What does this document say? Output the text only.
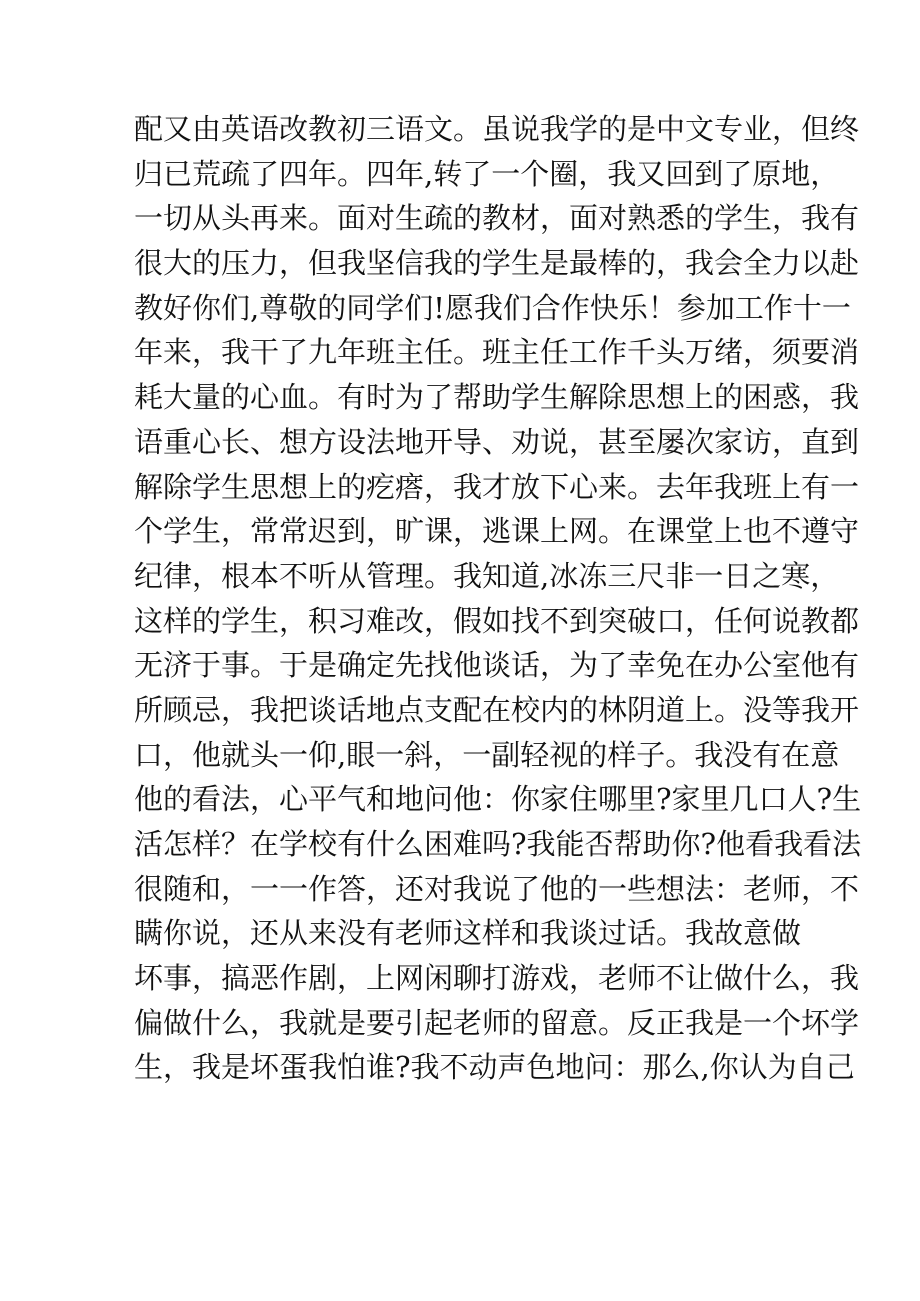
配又由英语改教初三语文。虽说我学的是中文专业，但终
归已荒疏了四年。四年,转了一个圈，我又回到了原地，
一切从头再来。面对生疏的教材，面对熟悉的学生，我有
很大的压力，但我坚信我的学生是最棒的，我会全力以赴
教好你们,尊敬的同学们!愿我们合作快乐！参加工作十一
年来，我干了九年班主任。班主任工作千头万绪，须要消
耗大量的心血。有时为了帮助学生解除思想上的困惑，我
语重心长、想方设法地开导、劝说，甚至屡次家访，直到
解除学生思想上的疙瘩，我才放下心来。去年我班上有一
个学生，常常迟到，旷课，逃课上网。在课堂上也不遵守
纪律，根本不听从管理。我知道,冰冻三尺非一日之寒，
这样的学生，积习难改，假如找不到突破口，任何说教都
无济于事。于是确定先找他谈话，为了幸免在办公室他有
所顾忌，我把谈话地点支配在校内的林阴道上。没等我开
口，他就头一仰,眼一斜，一副轻视的样子。我没有在意
他的看法，心平气和地问他：你家住哪里?家里几口人?生
活怎样？在学校有什么困难吗?我能否帮助你?他看我看法
很随和，一一作答，还对我说了他的一些想法：老师，不
瞒你说，还从来没有老师这样和我谈过话。我故意做
坏事，搞恶作剧，上网闲聊打游戏，老师不让做什么，我
偏做什么，我就是要引起老师的留意。反正我是一个坏学
生，我是坏蛋我怕谁?我不动声色地问：那么,你认为自己
